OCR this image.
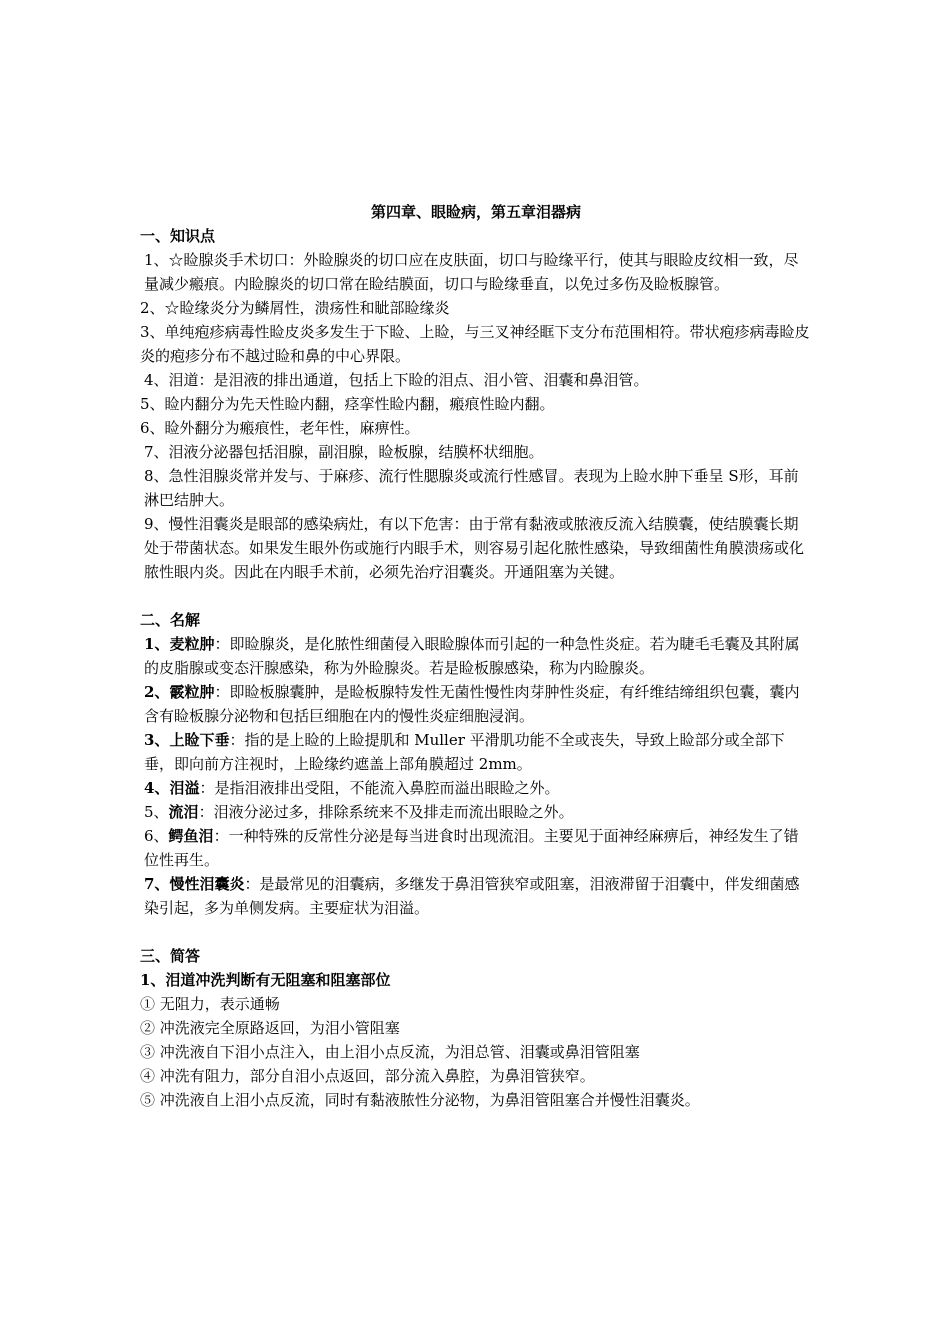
第四章、眼睑病，第五章泪器病
一、知识点

1、☆睑腺炎手术切口：外睑腺炎的切口应在皮肤面，切口与睑缘平行，使其与眼睑皮纹相一致，尽量减少瘢痕。内睑腺炎的切口常在睑结膜面，切口与睑缘垂直，以免过多伤及睑板腺管。

2、☆睑缘炎分为鳞屑性，溃疡性和眦部睑缘炎

3、单纯疱疹病毒性睑皮炎多发生于下睑、上睑，与三叉神经眶下支分布范围相符。带状疱疹病毒睑皮炎的疱疹分布不越过睑和鼻的中心界限。

4、泪道：是泪液的排出通道，包括上下睑的泪点、泪小管、泪囊和鼻泪管。

5、睑内翻分为先天性睑内翻，痉挛性睑内翻，瘢痕性睑内翻。

6、睑外翻分为瘢痕性，老年性，麻痹性。

7、泪液分泌器包括泪腺，副泪腺，睑板腺，结膜杯状细胞。

8、急性泪腺炎常并发与、于麻疹、流行性腮腺炎或流行性感冒。表现为上睑水肿下垂呈 S形，耳前淋巴结肿大。

9、慢性泪囊炎是眼部的感染病灶，有以下危害：由于常有黏液或脓液反流入结膜囊，使结膜囊长期处于带菌状态。如果发生眼外伤或施行内眼手术，则容易引起化脓性感染，导致细菌性角膜溃疡或化脓性眼内炎。因此在内眼手术前，必须先治疗泪囊炎。开通阻塞为关键。

二、名解

1、麦粒肿：即睑腺炎，是化脓性细菌侵入眼睑腺体而引起的一种急性炎症。若为睫毛毛囊及其附属的皮脂腺或变态汗腺感染，称为外睑腺炎。若是睑板腺感染，称为内睑腺炎。

2、霰粒肿：即睑板腺囊肿，是睑板腺特发性无菌性慢性肉芽肿性炎症，有纤维结缔组织包囊，囊内含有睑板腺分泌物和包括巨细胞在内的慢性炎症细胞浸润。

3、上睑下垂：指的是上睑的上睑提肌和 Muller 平滑肌功能不全或丧失，导致上睑部分或全部下垂，即向前方注视时，上睑缘约遮盖上部角膜超过 2mm。

4、泪溢：是指泪液排出受阻，不能流入鼻腔而溢出眼睑之外。

5、流泪：泪液分泌过多，排除系统来不及排走而流出眼睑之外。

6、鳄鱼泪：一种特殊的反常性分泌是每当进食时出现流泪。主要见于面神经麻痹后，神经发生了错位性再生。

7、慢性泪囊炎：是最常见的泪囊病，多继发于鼻泪管狭窄或阻塞，泪液滞留于泪囊中，伴发细菌感染引起，多为单侧发病。主要症状为泪溢。

三、简答
1、泪道冲洗判断有无阻塞和阻塞部位

① 无阻力，表示通畅

② 冲洗液完全原路返回，为泪小管阻塞

③ 冲洗液自下泪小点注入，由上泪小点反流，为泪总管、泪囊或鼻泪管阻塞

④ 冲洗有阻力，部分自泪小点返回，部分流入鼻腔，为鼻泪管狭窄。

⑤ 冲洗液自上泪小点反流，同时有黏液脓性分泌物，为鼻泪管阻塞合并慢性泪囊炎。
